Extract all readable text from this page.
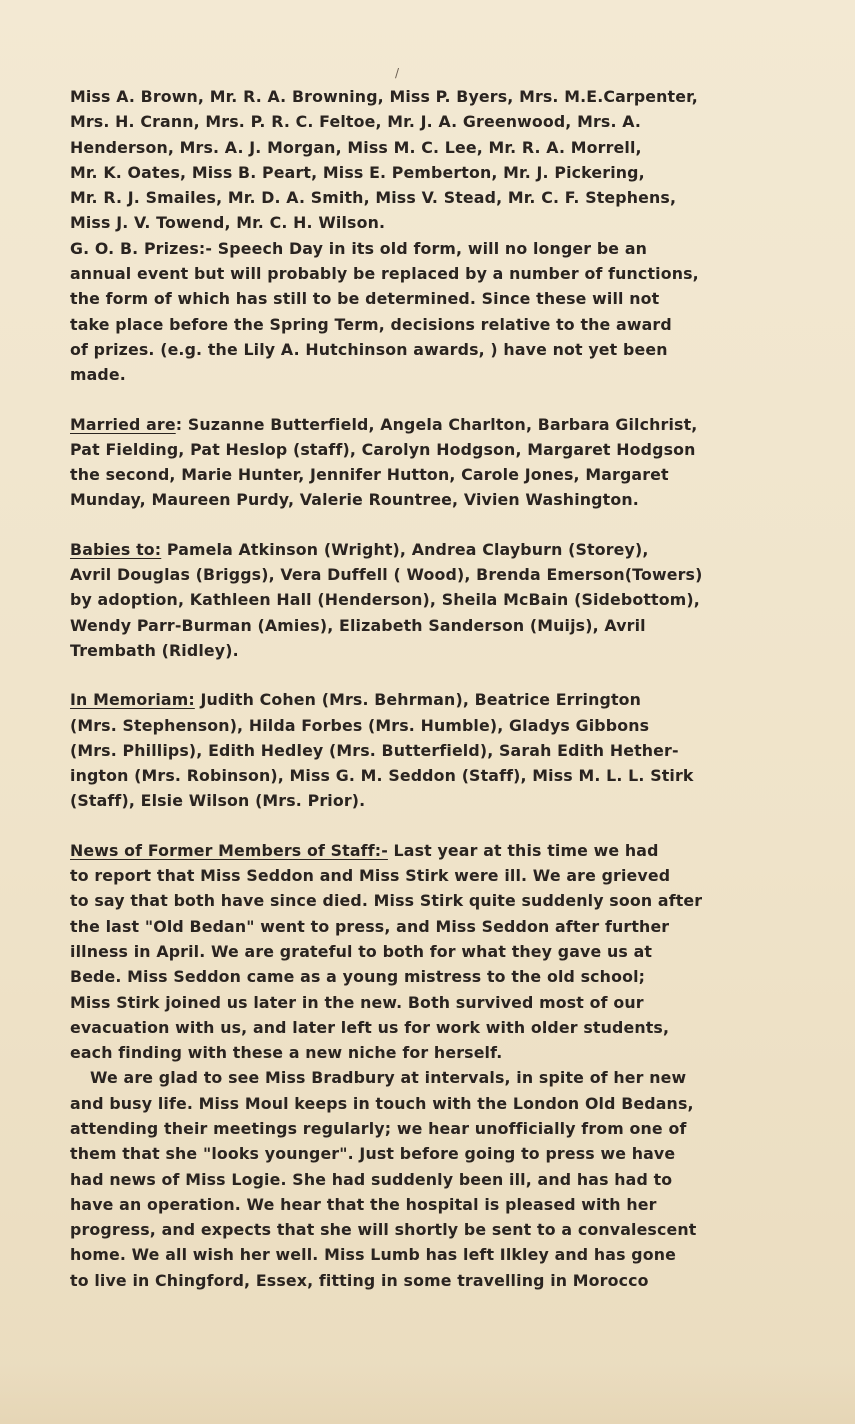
/
Miss A. Brown, Mr. R. A. Browning, Miss P. Byers, Mrs. M.E.Carpenter,
Mrs. H. Crann, Mrs. P. R. C. Feltoe, Mr. J. A. Greenwood, Mrs. A.
Henderson, Mrs. A. J. Morgan, Miss M. C. Lee, Mr. R. A. Morrell,
Mr. K. Oates, Miss B. Peart, Miss E. Pemberton, Mr. J. Pickering,
Mr. R. J. Smailes, Mr. D. A. Smith, Miss V. Stead, Mr. C. F. Stephens,
Miss J. V. Towend, Mr. C. H. Wilson.
G. O. B. Prizes:- Speech Day in its old form, will no longer be an
annual event but will probably be replaced by a number of functions,
the form of which has still to be determined. Since these will not
take place before the Spring Term, decisions relative to the award
of prizes. (e.g. the Lily A. Hutchinson awards, ) have not yet been
made.
Married are: Suzanne Butterfield, Angela Charlton, Barbara Gilchrist,
Pat Fielding, Pat Heslop (staff), Carolyn Hodgson, Margaret Hodgson
the second, Marie Hunter, Jennifer Hutton, Carole Jones, Margaret
Munday, Maureen Purdy, Valerie Rountree, Vivien Washington.
Babies to: Pamela Atkinson (Wright), Andrea Clayburn (Storey),
Avril Douglas (Briggs), Vera Duffell ( Wood), Brenda Emerson(Towers)
by adoption, Kathleen Hall (Henderson), Sheila McBain (Sidebottom),
Wendy Parr-Burman (Amies), Elizabeth Sanderson (Muijs), Avril
Trembath (Ridley).
In Memoriam: Judith Cohen (Mrs. Behrman), Beatrice Errington
(Mrs. Stephenson), Hilda Forbes (Mrs. Humble), Gladys Gibbons
(Mrs. Phillips), Edith Hedley (Mrs. Butterfield), Sarah Edith Hether-
ington (Mrs. Robinson), Miss G. M. Seddon (Staff), Miss M. L. L. Stirk
(Staff), Elsie Wilson (Mrs. Prior).
News of Former Members of Staff:- Last year at this time we had
to report that Miss Seddon and Miss Stirk were ill. We are grieved
to say that both have since died. Miss Stirk quite suddenly soon after
the last "Old Bedan" went to press, and Miss Seddon after further
illness in April. We are grateful to both for what they gave us at
Bede. Miss Seddon came as a young mistress to the old school;
Miss Stirk joined us later in the new. Both survived most of our
evacuation with us, and later left us for work with older students,
each finding with these a new niche for herself.
We are glad to see Miss Bradbury at intervals, in spite of her new
and busy life. Miss Moul keeps in touch with the London Old Bedans,
attending their meetings regularly; we hear unofficially from one of
them that she "looks younger". Just before going to press we have
had news of Miss Logie. She had suddenly been ill, and has had to
have an operation. We hear that the hospital is pleased with her
progress, and expects that she will shortly be sent to a convalescent
home. We all wish her well. Miss Lumb has left Ilkley and has gone
to live in Chingford, Essex, fitting in some travelling in Morocco
